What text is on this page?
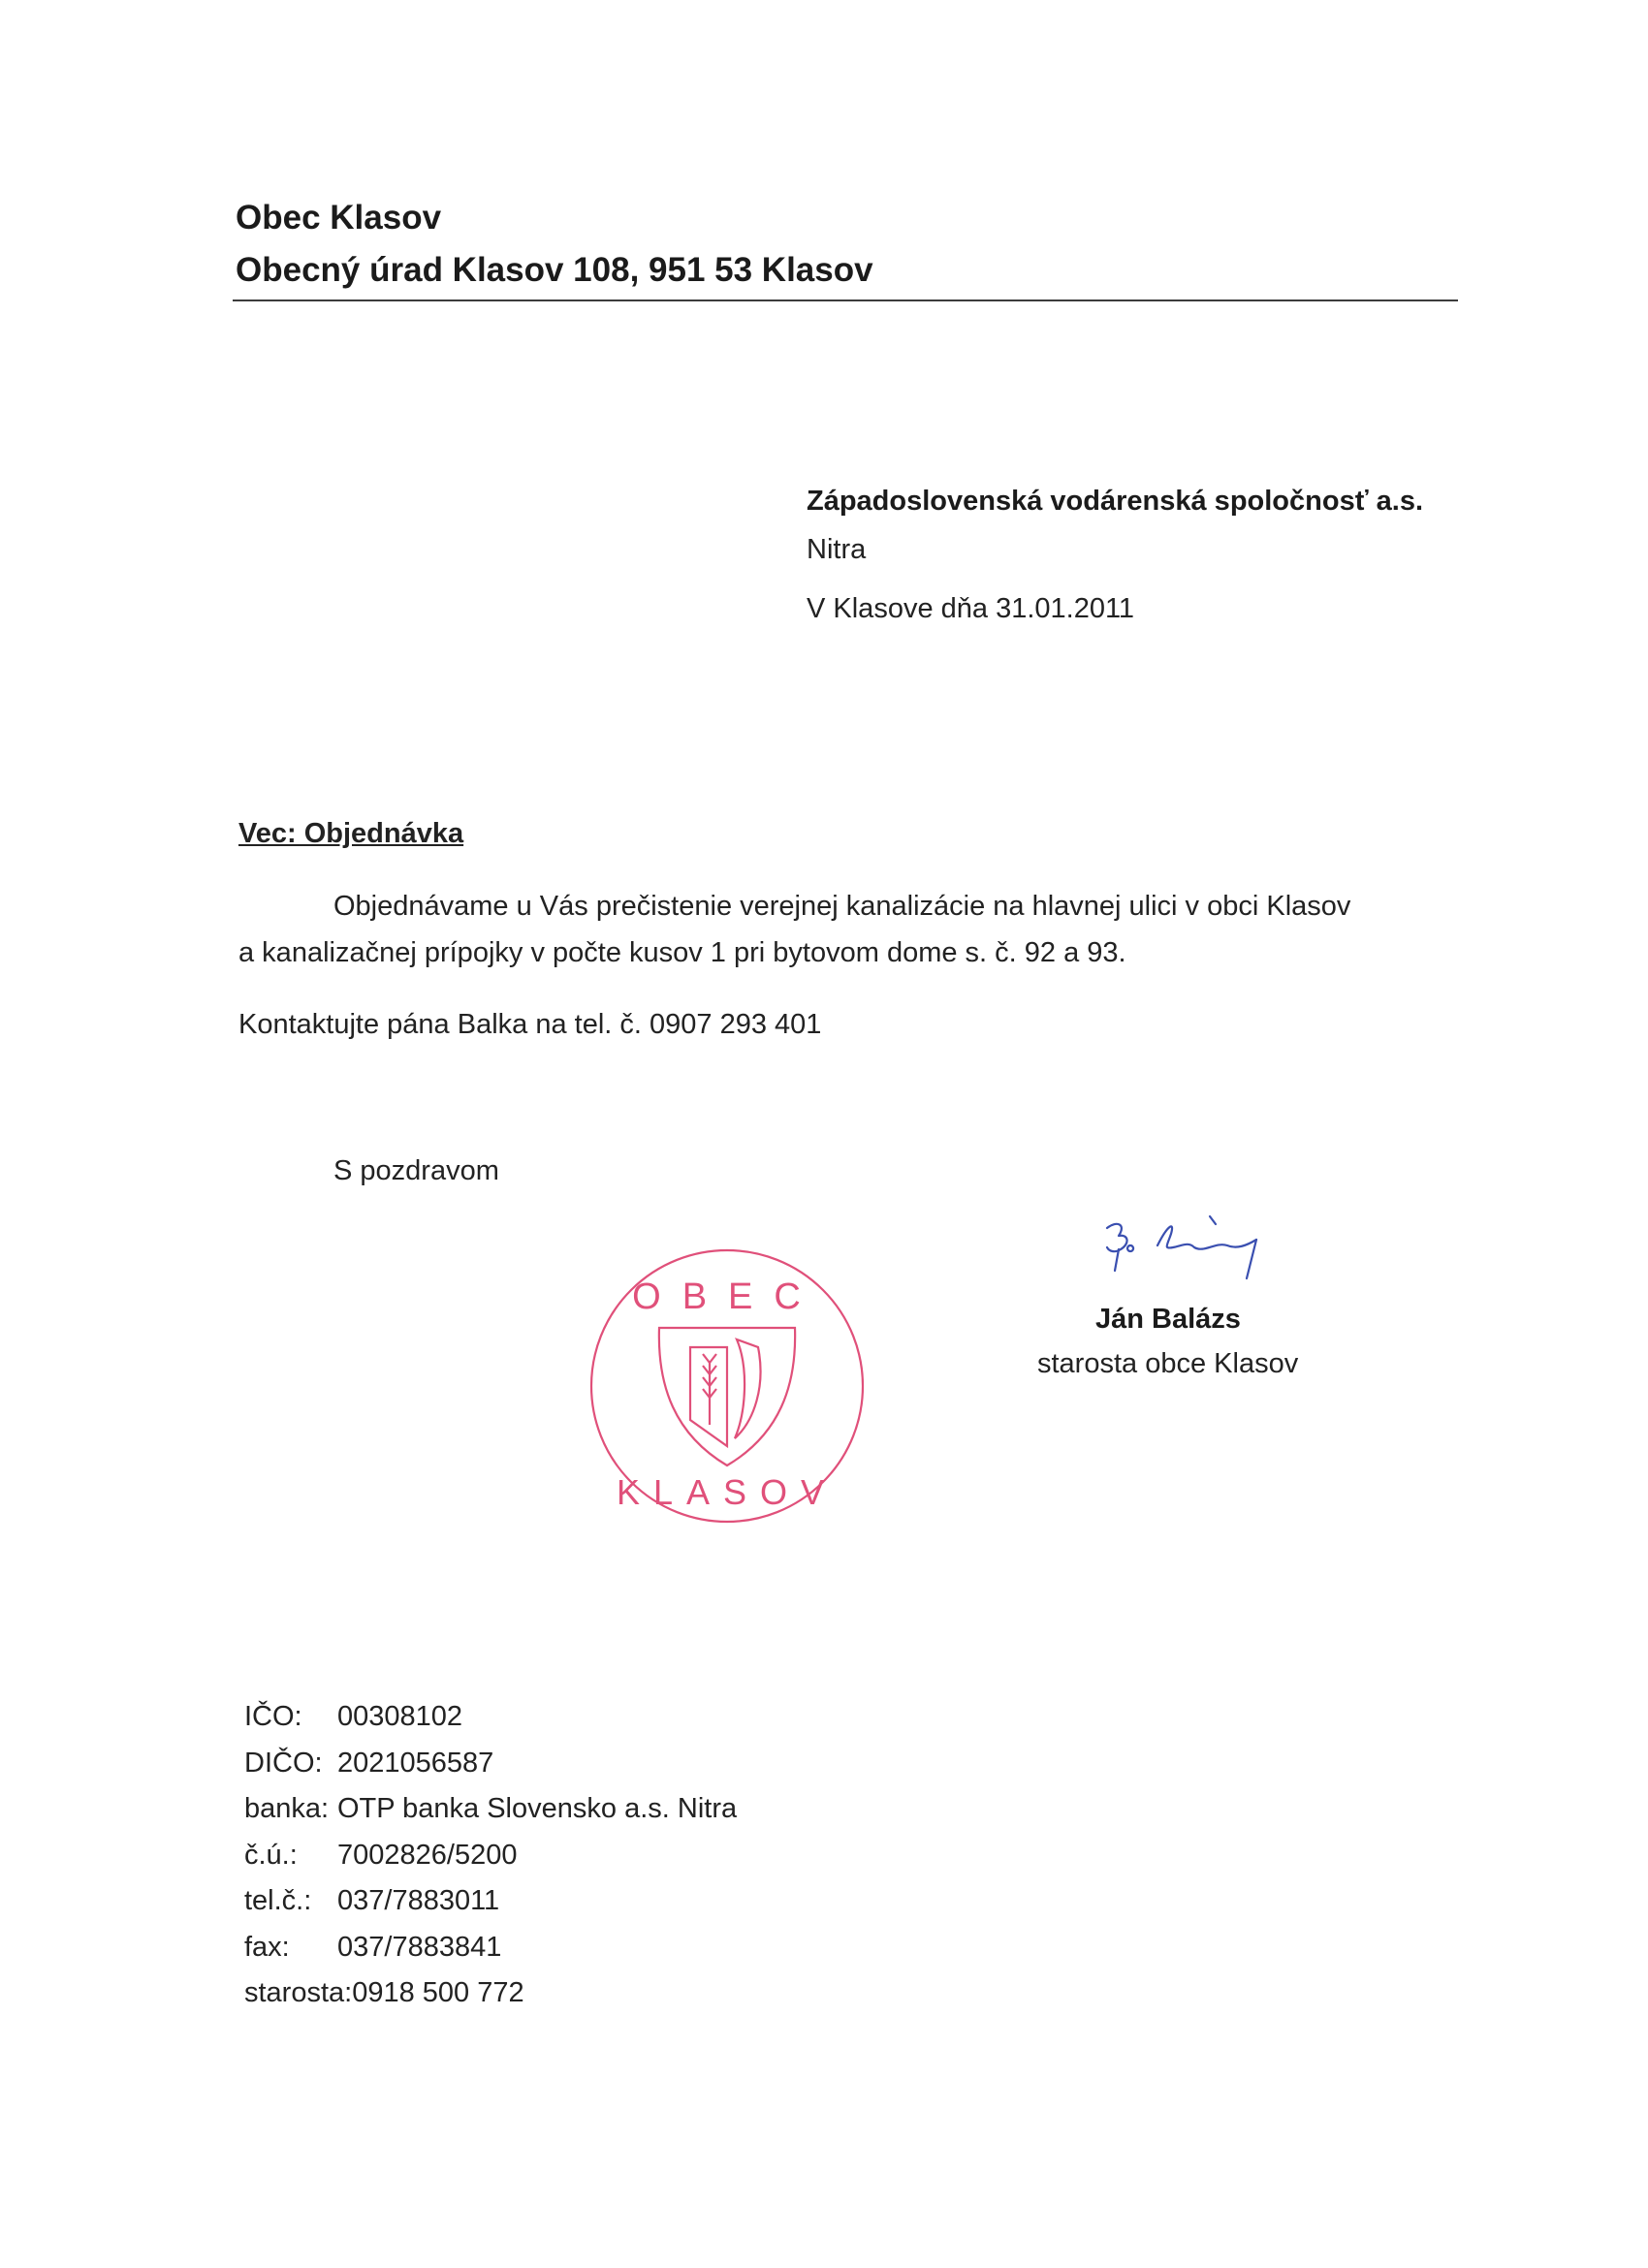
Obec Klasov
Obecný úrad Klasov 108, 951 53 Klasov
Západoslovenská vodárenská spoločnosť a.s.
Nitra
V Klasove dňa 31.01.2011
Vec: Objednávka
Objednávame u Vás prečistenie verejnej kanalizácie na hlavnej ulici v obci Klasov
a kanalizačnej prípojky v počte kusov 1 pri bytovom dome s. č. 92 a 93.
Kontaktujte pána Balka na tel. č. 0907 293 401
S pozdravom
OBEC
KLASOV
Ján Balázs
starosta obce Klasov
IČO:	00308102
DIČO: 2021056587
banka: OTP banka Slovensko a.s. Nitra
č.ú.:	7002826/5200
tel.č.: 037/7883011
fax:	037/7883841
starosta: 0918 500 772
